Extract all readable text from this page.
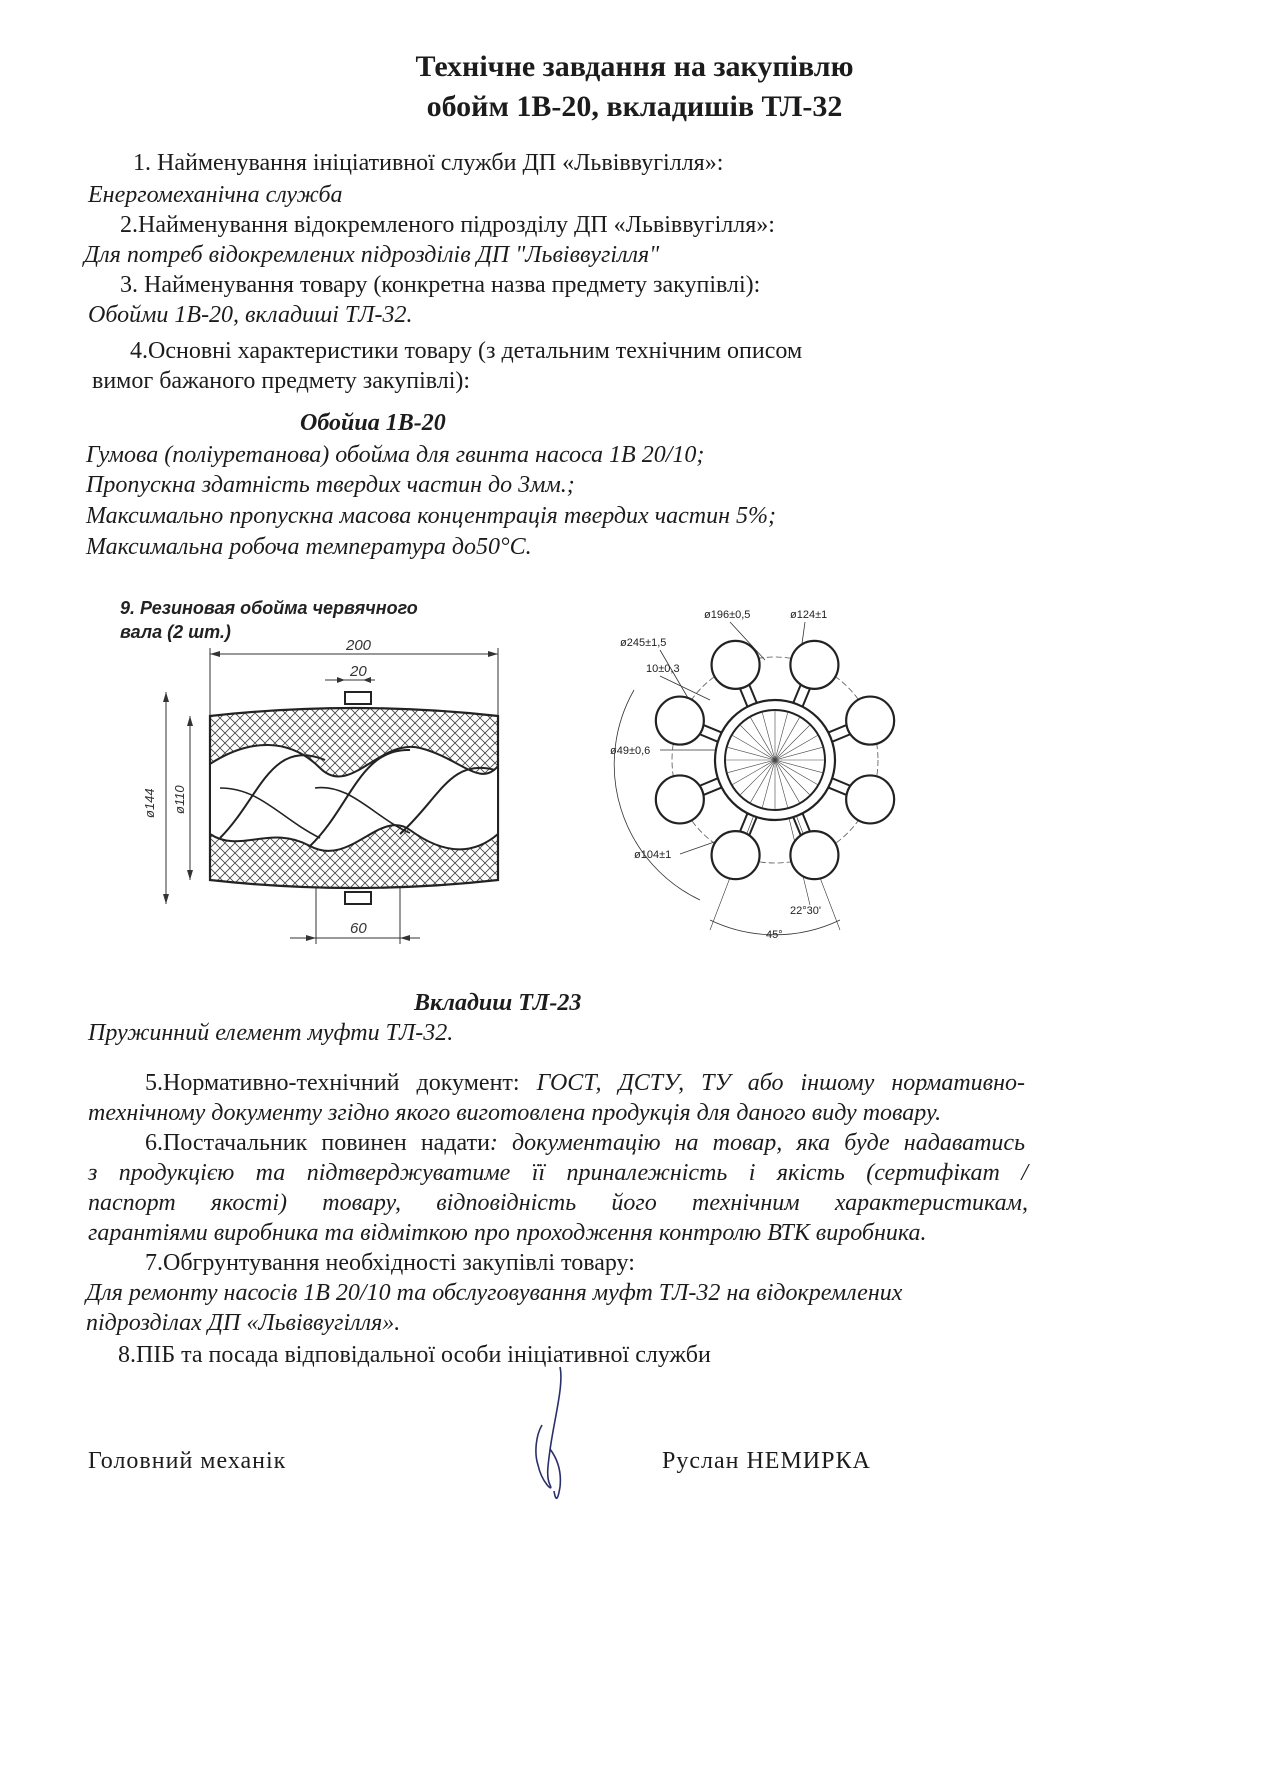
Технічне завдання на закупівлю
обойм 1В-20, вкладишів ТЛ-32
1. Найменування ініціативної служби ДП «Львіввугілля»:
Енергомеханічна служба
2.Найменування відокремленого підрозділу ДП «Львіввугілля»:
Для потреб відокремлених підрозділів ДП "Львіввугілля"
3. Найменування товару (конкретна назва предмету закупівлі):
Обойми 1В-20, вкладиші ТЛ-32.
4.Основні характеристики товару (з детальним технічним описом
вимог бажаного предмету закупівлі):
Обойиа 1В-20
Гумова (поліуретанова) обойма для гвинта насоса 1В 20/10;
Пропускна здатність твердих частин до 3мм.;
Максимально пропускна масова концентрація твердих частин 5%;
Максимальна робоча температура до50°С.
9. Резиновая обойма червячного
вала (2 шт.)
200
20
ø144 ø110
60
ø196±0,5	ø124±1
ø245±1,5
10±0,3
ø49±0,6
ø104±1
22°30'
45°
Вкладиш ТЛ-23
Пружинний елемент муфти ТЛ-32.
5.Нормативно-технічний документ: ГОСТ, ДСТУ, ТУ або іншому нормативно-
технічному документу згідно якого виготовлена продукція для даного виду товару.
6.Постачальник повинен надати: документацію на товар, яка буде надаватись
з продукцією та підтверджуватиме її приналежність і якість (сертифікат /
паспорт якості) товару, відповідність його технічним характеристикам,
гарантіями виробника та відміткою про проходження контролю ВТК виробника.
7.Обгрунтування необхідності закупівлі товару:
Для ремонту насосів 1В 20/10 та обслуговування муфт ТЛ-32 на відокремлених
підрозділах ДП «Львіввугілля».
8.ПІБ та посада відповідальної особи ініціативної служби
Головний механік	Руслан НЕМИРКА
